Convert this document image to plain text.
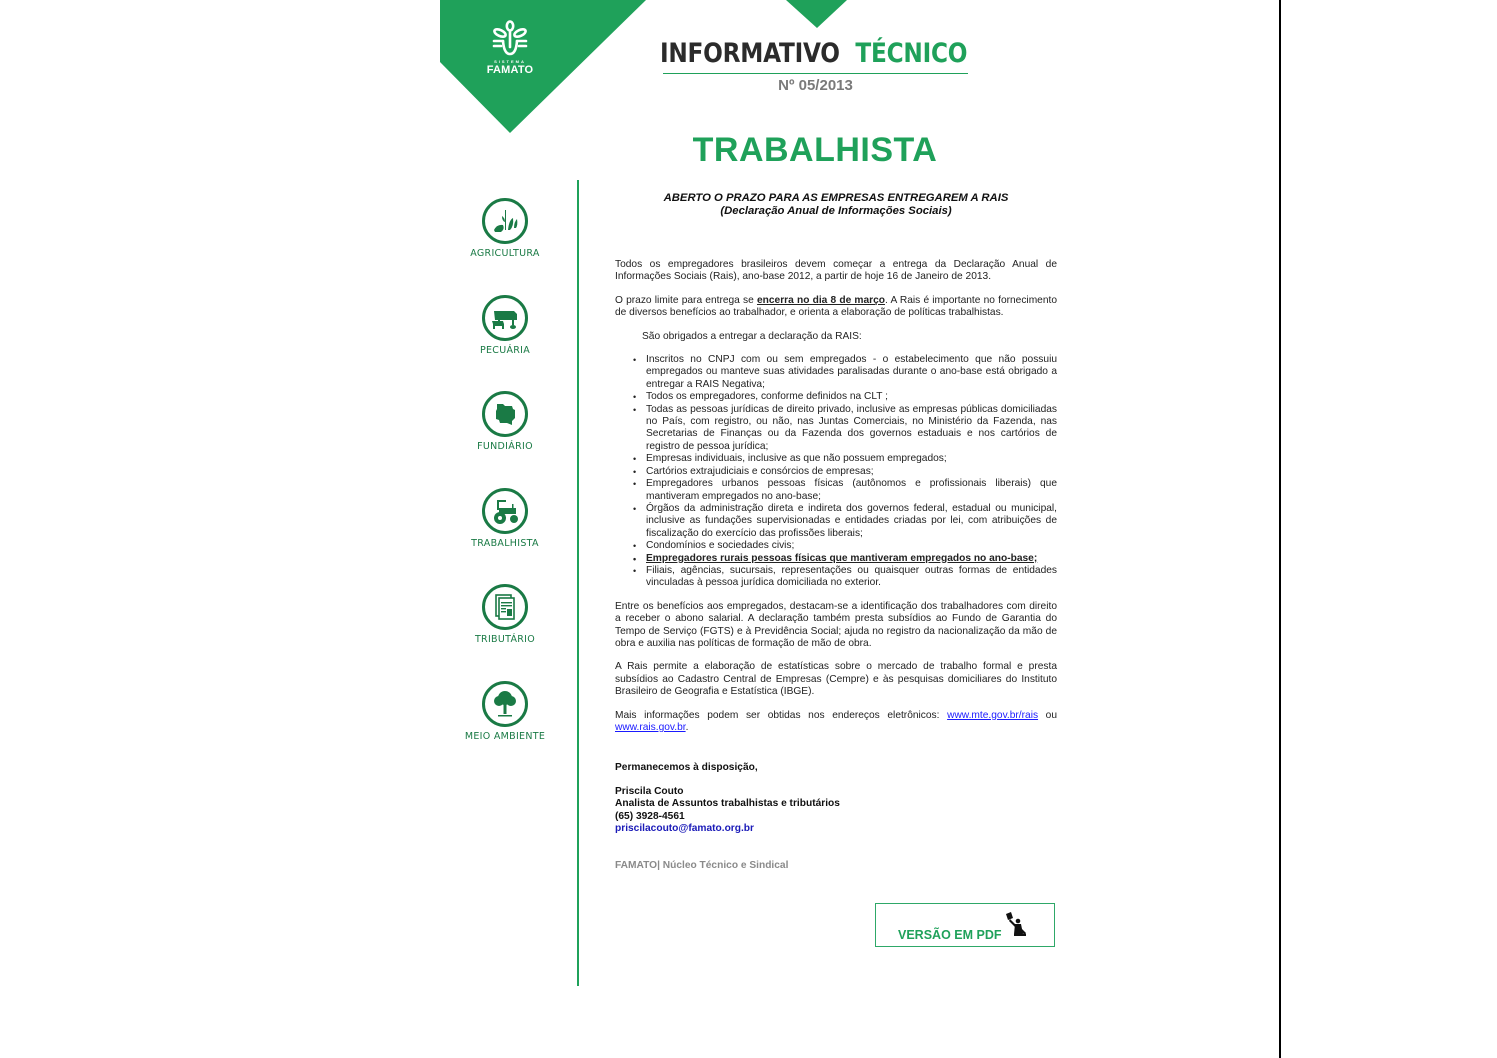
SISTEMA
FAMATO
INFORMATIVO TÉCNICO
Nº 05/2013
TRABALHISTA
AGRICULTURA
PECUÁRIA
FUNDIÁRIO
TRABALHISTA
TRIBUTÁRIO
MEIO AMBIENTE
ABERTO O PRAZO PARA AS EMPRESAS ENTREGAREM A RAIS
(Declaração Anual de Informações Sociais)

Todos os empregadores brasileiros devem começar a entrega da Declaração Anual de Informações Sociais (Rais), ano-base 2012, a partir de hoje 16 de Janeiro de 2013.

O prazo limite para entrega se encerra no dia 8 de março. A Rais é importante no fornecimento de diversos benefícios ao trabalhador, e orienta a elaboração de políticas trabalhistas.

São obrigados a entregar a declaração da RAIS:

• Inscritos no CNPJ com ou sem empregados - o estabelecimento que não possuiu empregados ou manteve suas atividades paralisadas durante o ano-base está obrigado a entregar a RAIS Negativa;
• Todos os empregadores, conforme definidos na CLT ;
• Todas as pessoas jurídicas de direito privado, inclusive as empresas públicas domiciliadas no País, com registro, ou não, nas Juntas Comerciais, no Ministério da Fazenda, nas Secretarias de Finanças ou da Fazenda dos governos estaduais e nos cartórios de registro de pessoa jurídica;
• Empresas individuais, inclusive as que não possuem empregados;
• Cartórios extrajudiciais e consórcios de empresas;
• Empregadores urbanos pessoas físicas (autônomos e profissionais liberais) que mantiveram empregados no ano-base;
• Órgãos da administração direta e indireta dos governos federal, estadual ou municipal, inclusive as fundações supervisionadas e entidades criadas por lei, com atribuições de fiscalização do exercício das profissões liberais;
• Condomínios e sociedades civis;
• Empregadores rurais pessoas físicas que mantiveram empregados no ano-base;
• Filiais, agências, sucursais, representações ou quaisquer outras formas de entidades vinculadas à pessoa jurídica domiciliada no exterior.

Entre os benefícios aos empregados, destacam-se a identificação dos trabalhadores com direito a receber o abono salarial. A declaração também presta subsídios ao Fundo de Garantia do Tempo de Serviço (FGTS) e à Previdência Social; ajuda no registro da nacionalização da mão de obra e auxilia nas políticas de formação de mão de obra.

A Rais permite a elaboração de estatísticas sobre o mercado de trabalho formal e presta subsídios ao Cadastro Central de Empresas (Cempre) e às pesquisas domiciliares do Instituto Brasileiro de Geografia e Estatística (IBGE).

Mais informações podem ser obtidas nos endereços eletrônicos: www.mte.gov.br/rais ou www.rais.gov.br.

Permanecemos à disposição,
Priscila Couto
Analista de Assuntos trabalhistas e tributários
(65) 3928-4561
priscilacouto@famato.org.br
FAMATO| Núcleo Técnico e Sindical
VERSÃO EM PDF
